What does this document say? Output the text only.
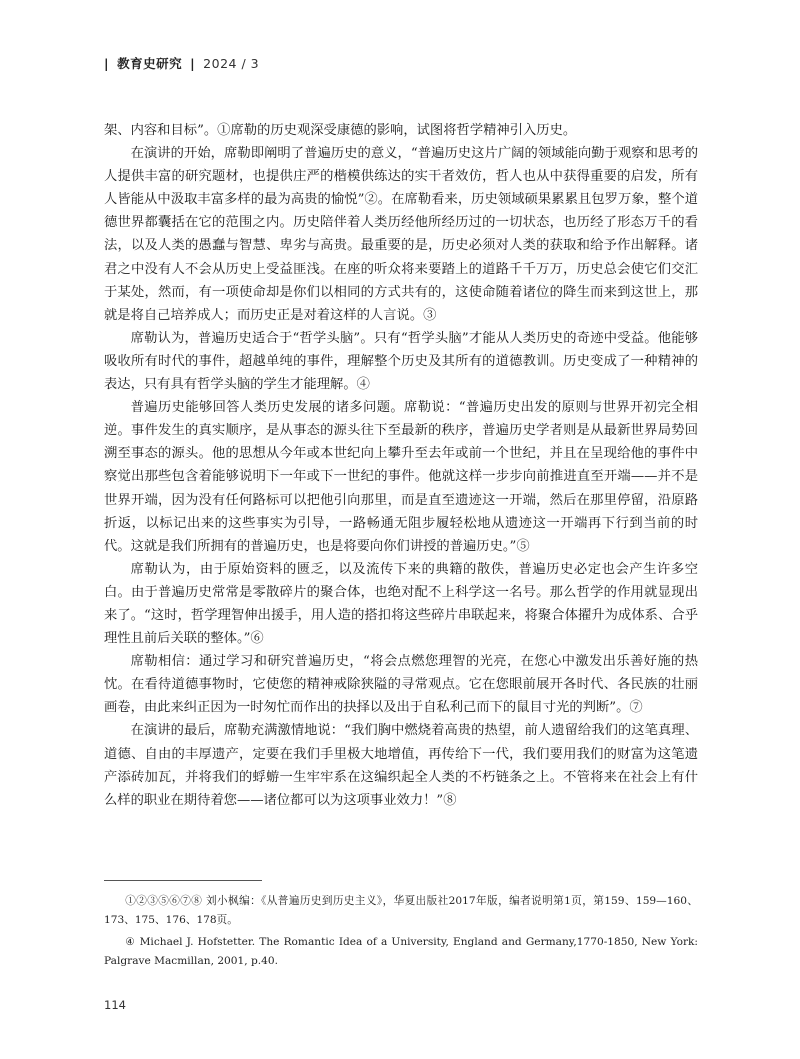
| 教育史研究 | 2024 / 3

架、内容和目标”。①席勒的历史观深受康德的影响，试图将哲学精神引入历史。

在演讲的开始，席勒即阐明了普遍历史的意义，“普遍历史这片广阔的领域能向勤于观察和思考的人提供丰富的研究题材，也提供庄严的楷模供练达的实干者效仿，哲人也从中获得重要的启发，所有人皆能从中汲取丰富多样的最为高贵的愉悦”②。在席勒看来，历史领域硕果累累且包罗万象，整个道德世界都囊括在它的范围之内。历史陪伴着人类历经他所经历过的一切状态，也历经了形态万千的看法，以及人类的愚蠢与智慧、卑劣与高贵。最重要的是，历史必须对人类的获取和给予作出解释。诸君之中没有人不会从历史上受益匪浅。在座的听众将来要踏上的道路千千万万，历史总会使它们交汇于某处，然而，有一项使命却是你们以相同的方式共有的，这使命随着诸位的降生而来到这世上，那就是将自己培养成人；而历史正是对着这样的人言说。③

席勒认为，普遍历史适合于“哲学头脑”。只有“哲学头脑”才能从人类历史的奇迹中受益。他能够吸收所有时代的事件，超越单纯的事件，理解整个历史及其所有的道德教训。历史变成了一种精神的表达，只有具有哲学头脑的学生才能理解。④

普遍历史能够回答人类历史发展的诸多问题。席勒说：“普遍历史出发的原则与世界开初完全相逆。事件发生的真实顺序，是从事态的源头往下至最新的秩序，普遍历史学者则是从最新世界局势回溯至事态的源头。他的思想从今年或本世纪向上攀升至去年或前一个世纪，并且在呈现给他的事件中察觉出那些包含着能够说明下一年或下一世纪的事件。他就这样一步步向前推进直至开端——并不是世界开端，因为没有任何路标可以把他引向那里，而是直至遗迹这一开端，然后在那里停留，沿原路折返，以标记出来的这些事实为引导，一路畅通无阻步履轻松地从遗迹这一开端再下行到当前的时代。这就是我们所拥有的普遍历史，也是将要向你们讲授的普遍历史。”⑤

席勒认为，由于原始资料的匮乏，以及流传下来的典籍的散佚，普遍历史必定也会产生许多空白。由于普遍历史常常是零散碎片的聚合体，也绝对配不上科学这一名号。那么哲学的作用就显现出来了。“这时，哲学理智伸出援手，用人造的搭扣将这些碎片串联起来，将聚合体擢升为成体系、合乎理性且前后关联的整体。”⑥

席勒相信：通过学习和研究普遍历史，“将会点燃您理智的光亮，在您心中激发出乐善好施的热忱。在看待道德事物时，它使您的精神戒除狭隘的寻常观点。它在您眼前展开各时代、各民族的壮丽画卷，由此来纠正因为一时匆忙而作出的抉择以及出于自私利己而下的鼠目寸光的判断”。⑦

在演讲的最后，席勒充满激情地说：“我们胸中燃烧着高贵的热望，前人遗留给我们的这笔真理、道德、自由的丰厚遗产，定要在我们手里极大地增值，再传给下一代，我们要用我们的财富为这笔遗产添砖加瓦，并将我们的蜉蝣一生牢牢系在这编织起全人类的不朽链条之上。不管将来在社会上有什么样的职业在期待着您——诸位都可以为这项事业效力！”⑧

①②③⑤⑥⑦⑧ 刘小枫编：《从普遍历史到历史主义》，华夏出版社2017年版，编者说明第1页，第159、159—160、173、175、176、178页。

④ Michael J. Hofstetter. The Romantic Idea of a University, England and Germany,1770-1850, New York: Palgrave Macmillan, 2001, p.40.

114
